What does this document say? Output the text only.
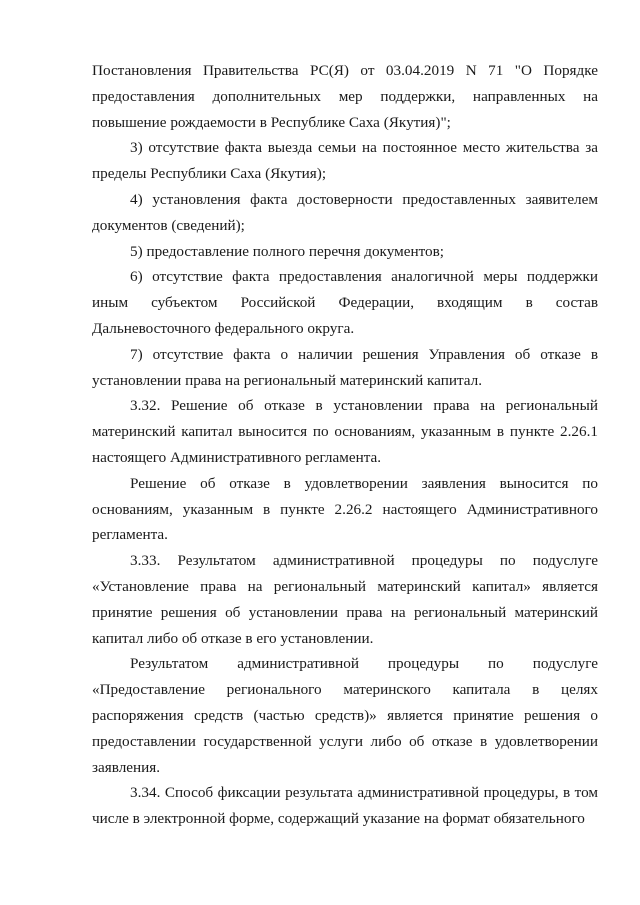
Постановления Правительства РС(Я) от 03.04.2019 N 71 "О Порядке предоставления дополнительных мер поддержки, направленных на повышение рождаемости в Республике Саха (Якутия)";

3) отсутствие факта выезда семьи на постоянное место жительства за пределы Республики Саха (Якутия);

4) установления факта достоверности предоставленных заявителем документов (сведений);

5) предоставление полного перечня документов;

6) отсутствие факта предоставления аналогичной меры поддержки иным субъектом Российской Федерации, входящим в состав Дальневосточного федерального округа.

7) отсутствие факта о наличии решения Управления об отказе в установлении права на региональный материнский капитал.

3.32. Решение об отказе в установлении права на региональный материнский капитал выносится по основаниям, указанным в пункте 2.26.1 настоящего Административного регламента.

Решение об отказе в удовлетворении заявления выносится по основаниям, указанным в пункте 2.26.2 настоящего Административного регламента.

3.33. Результатом административной процедуры по подуслуге «Установление права на региональный материнский капитал» является принятие решения об установлении права на региональный материнский капитал либо об отказе в его установлении.

Результатом административной процедуры по подуслуге «Предоставление регионального материнского капитала в целях распоряжения средств (частью средств)» является принятие решения о предоставлении государственной услуги либо об отказе в удовлетворении заявления.

3.34. Способ фиксации результата административной процедуры, в том числе в электронной форме, содержащий указание на формат обязательного
